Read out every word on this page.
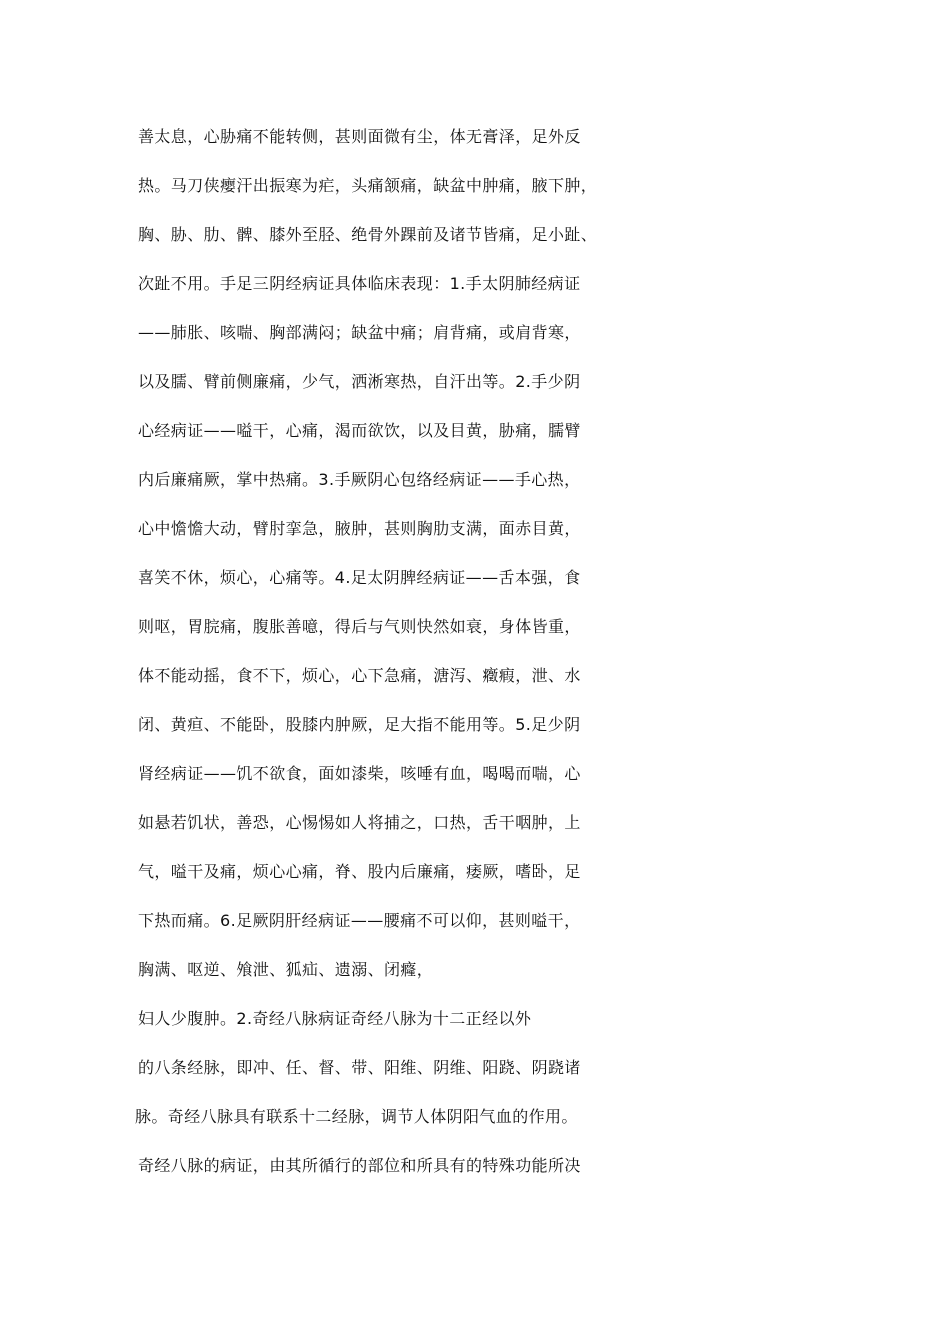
善太息，心胁痛不能转侧，甚则面微有尘，体无膏泽，足外反
热。马刀侠瘿汗出振寒为疟，头痛颔痛，缺盆中肿痛，腋下肿，
胸、胁、肋、髀、膝外至胫、绝骨外踝前及诸节皆痛，足小趾、
次趾不用。手足三阴经病证具体临床表现：1.手太阴肺经病证
——肺胀、咳喘、胸部满闷；缺盆中痛；肩背痛，或肩背寒，
以及臑、臂前侧廉痛，少气，洒淅寒热，自汗出等。2.手少阴
心经病证——嗌干，心痛，渴而欲饮，以及目黄，胁痛，臑臂
内后廉痛厥，掌中热痛。3.手厥阴心包络经病证——手心热，
心中憺憺大动，臂肘挛急，腋肿，甚则胸肋支满，面赤目黄，
喜笑不休，烦心，心痛等。4.足太阴脾经病证——舌本强，食
则呕，胃脘痛，腹胀善噫，得后与气则快然如衰，身体皆重，
体不能动摇，食不下，烦心，心下急痛，溏泻、癥瘕，泄、水
闭、黄疸、不能卧，股膝内肿厥，足大指不能用等。5.足少阴
肾经病证——饥不欲食，面如漆柴，咳唾有血，喝喝而喘，心
如悬若饥状，善恐，心惕惕如人将捕之，口热，舌干咽肿，上
气，嗌干及痛，烦心心痛，脊、股内后廉痛，痿厥，嗜卧，足
下热而痛。6.足厥阴肝经病证——腰痛不可以仰，甚则嗌干，
胸满、呕逆、飧泄、狐疝、遗溺、闭癃，
妇人少腹肿。2.奇经八脉病证奇经八脉为十二正经以外
的八条经脉，即冲、任、督、带、阳维、阴维、阳跷、阴跷诸
脉。奇经八脉具有联系十二经脉，调节人体阴阳气血的作用。
奇经八脉的病证，由其所循行的部位和所具有的特殊功能所决
